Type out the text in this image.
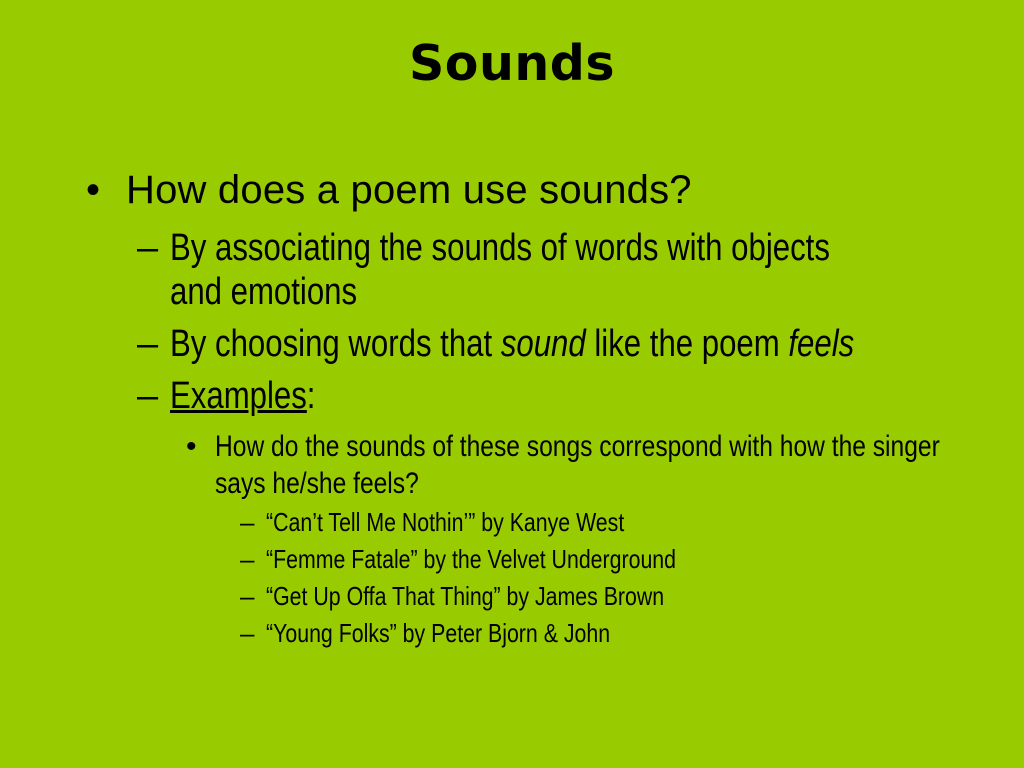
Sounds
• How does a poem use sounds?
– By associating the sounds of words with objects and emotions
– By choosing words that sound like the poem feels
– Examples:
• How do the sounds of these songs correspond with how the singer says he/she feels?
– “Can’t Tell Me Nothin’” by Kanye West
– “Femme Fatale” by the Velvet Underground
– “Get Up Offa That Thing” by James Brown
– “Young Folks” by Peter Bjorn & John
